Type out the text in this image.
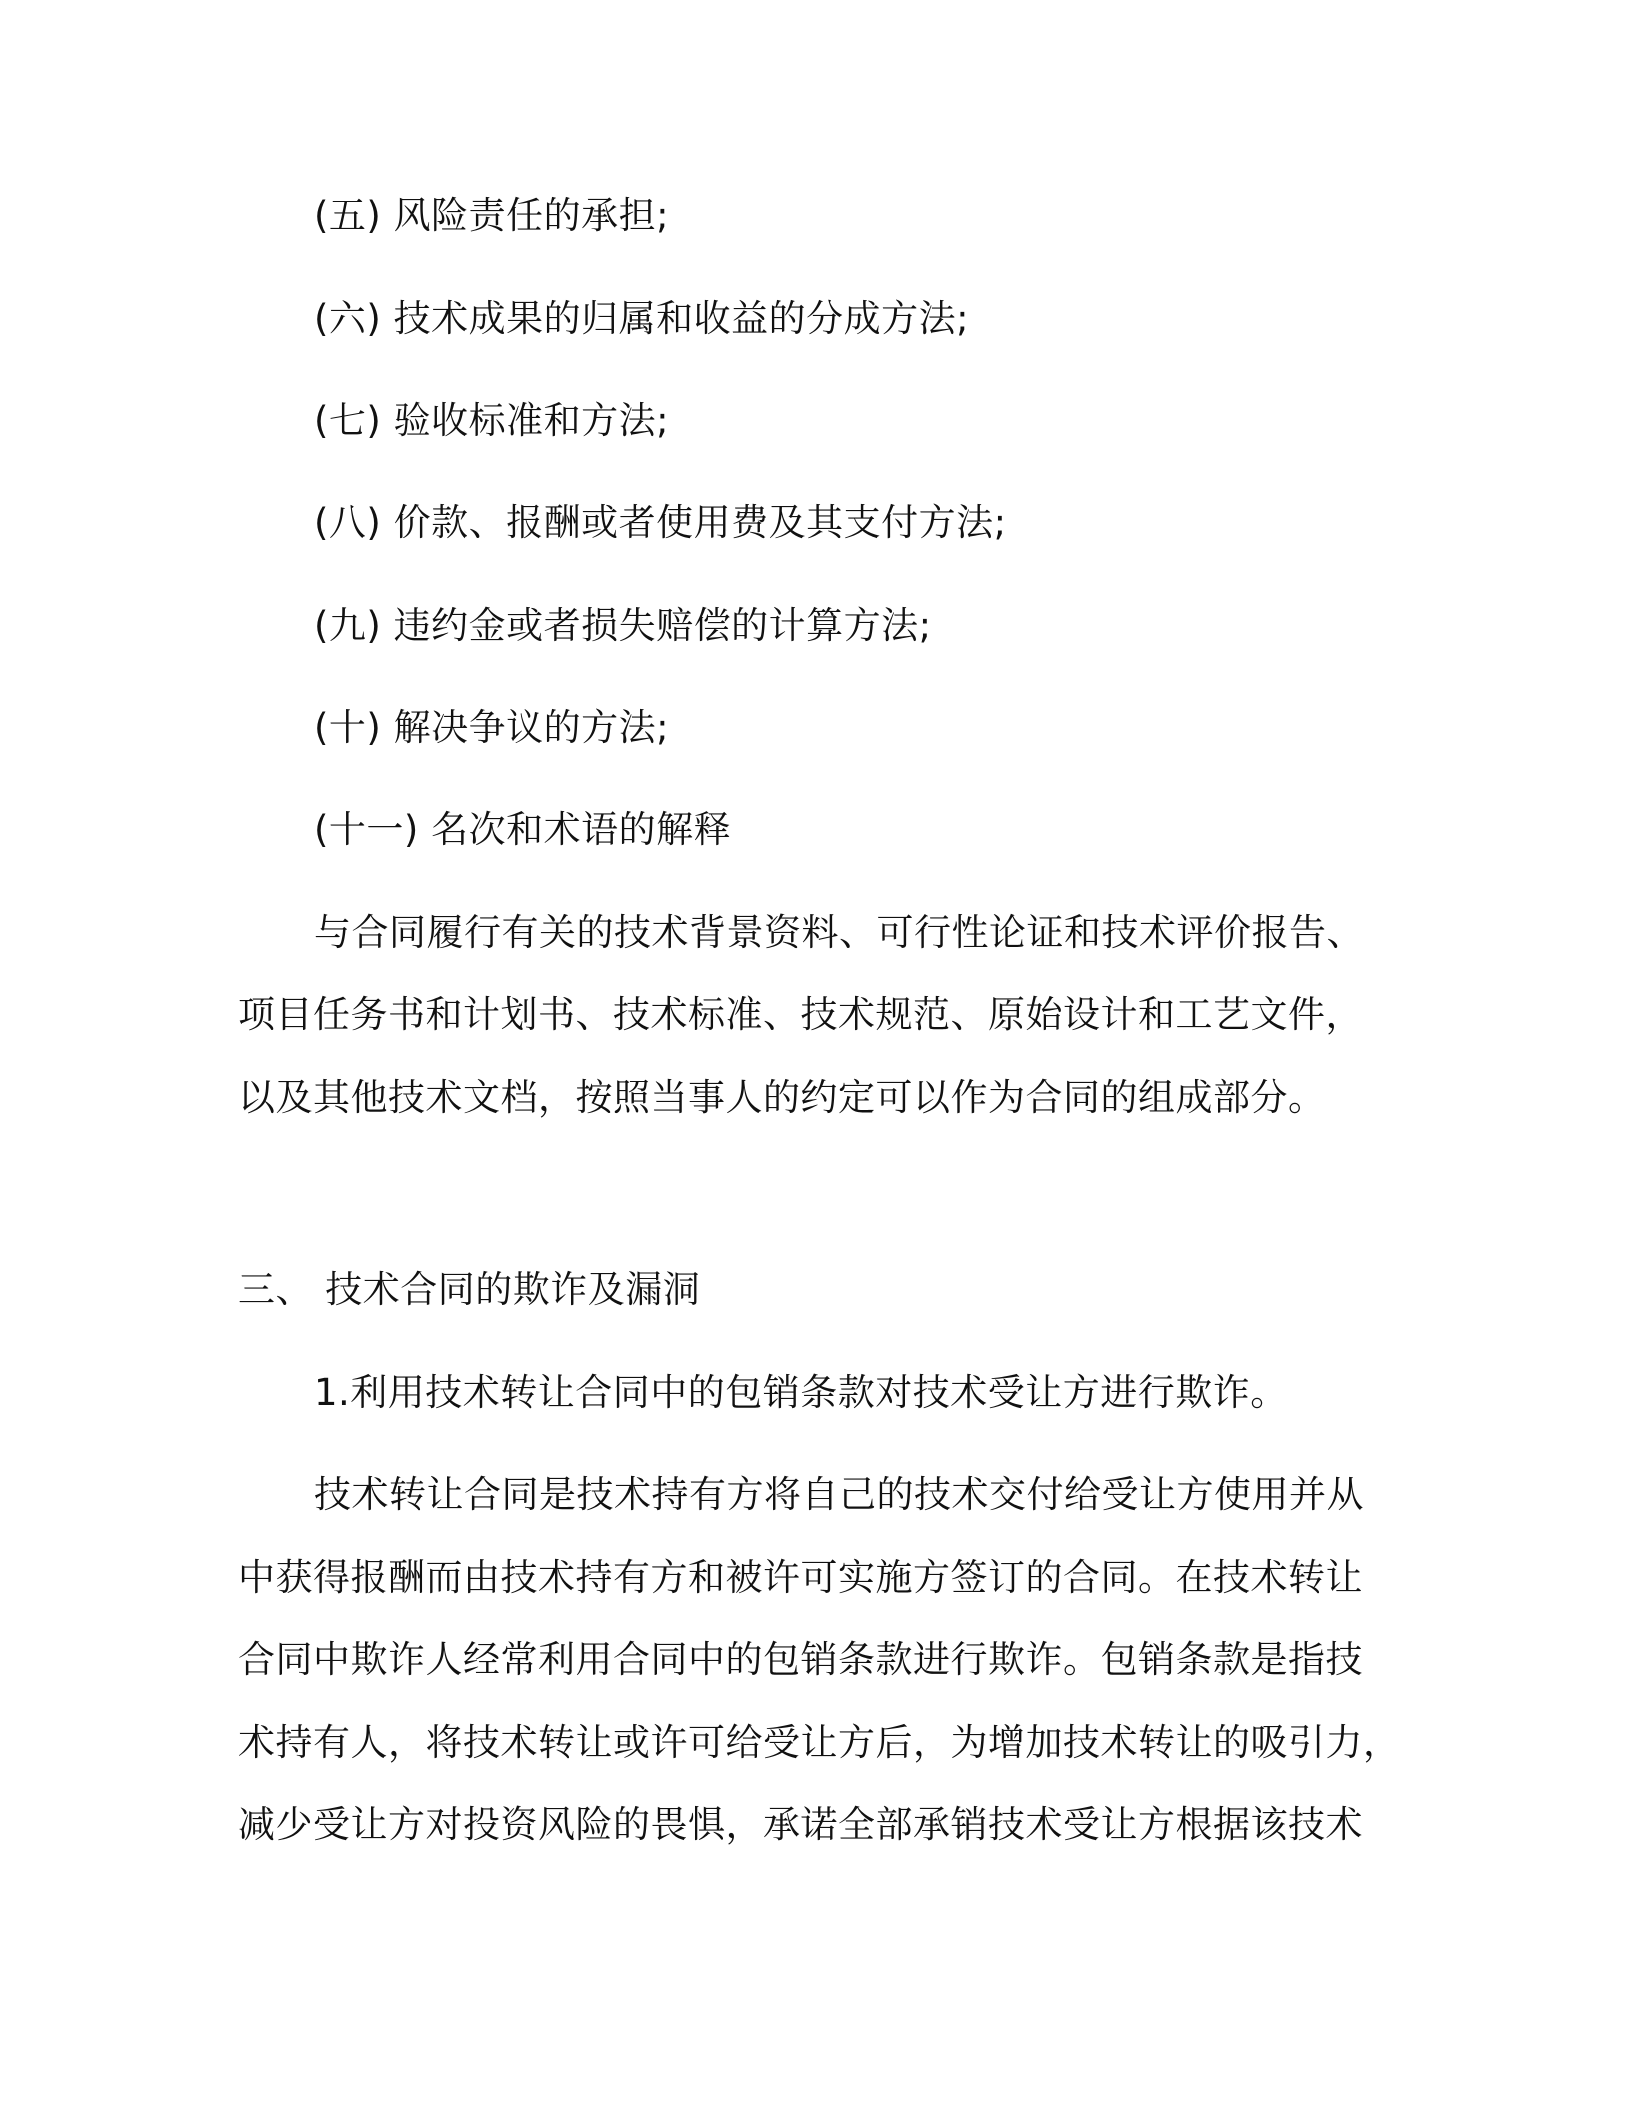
(五) 风险责任的承担;
(六) 技术成果的归属和收益的分成方法;
(七) 验收标准和方法;
(八) 价款、报酬或者使用费及其支付方法;
(九) 违约金或者损失赔偿的计算方法;
(十) 解决争议的方法;
(十一) 名次和术语的解释
与合同履行有关的技术背景资料、可行性论证和技术评价报告、
项目任务书和计划书、技术标准、技术规范、原始设计和工艺文件，
以及其他技术文档，按照当事人的约定可以作为合同的组成部分。
三、 技术合同的欺诈及漏洞
1.利用技术转让合同中的包销条款对技术受让方进行欺诈。
技术转让合同是技术持有方将自己的技术交付给受让方使用并从
中获得报酬而由技术持有方和被许可实施方签订的合同。在技术转让
合同中欺诈人经常利用合同中的包销条款进行欺诈。包销条款是指技
术持有人，将技术转让或许可给受让方后，为增加技术转让的吸引力，
减少受让方对投资风险的畏惧，承诺全部承销技术受让方根据该技术
